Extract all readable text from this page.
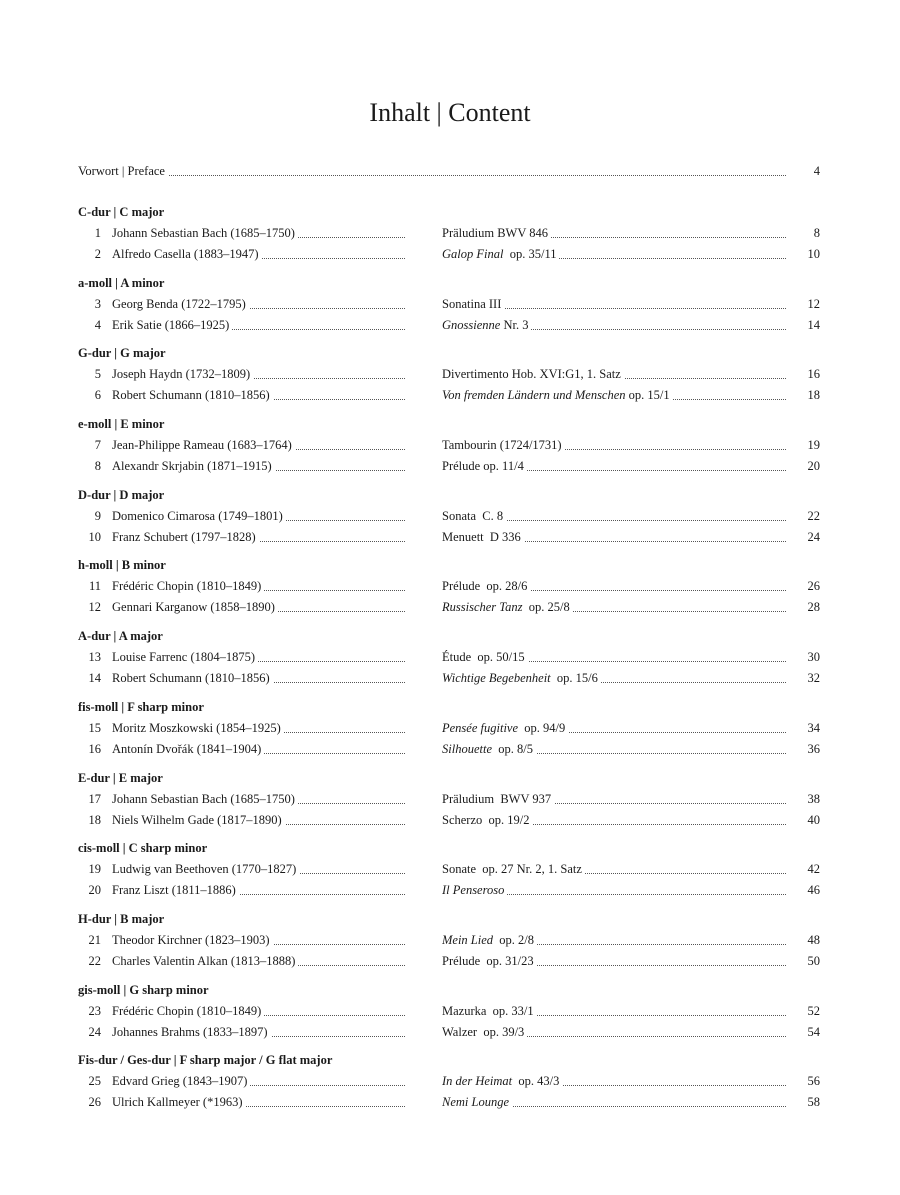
Inhalt | Content
Vorwort | Preface	4
C-dur | C major
1 Johann Sebastian Bach (1685–1750)	Präludium BWV 846	8
2 Alfredo Casella (1883–1947)	Galop Final  op. 35/11	10
a-moll | A minor
3 Georg Benda (1722–1795)	Sonatina III	12
4 Erik Satie (1866–1925)	Gnossienne Nr. 3	14
G-dur | G major
5 Joseph Haydn (1732–1809)	Divertimento Hob. XVI:G1, 1. Satz	16
6 Robert Schumann (1810–1856)	Von fremden Ländern und Menschen op. 15/1	18
e-moll | E minor
7 Jean-Philippe Rameau (1683–1764)	Tambourin (1724/1731)	19
8 Alexandr Skrjabin (1871–1915)	Prélude op. 11/4	20
D-dur | D major
9 Domenico Cimarosa (1749–1801)	Sonata  C. 8	22
10 Franz Schubert (1797–1828)	Menuett  D 336	24
h-moll | B minor
11 Frédéric Chopin (1810–1849)	Prélude  op. 28/6	26
12 Gennari Karganow (1858–1890)	Russischer Tanz  op. 25/8	28
A-dur | A major
13 Louise Farrenc (1804–1875)	Étude  op. 50/15	30
14 Robert Schumann (1810–1856)	Wichtige Begebenheit  op. 15/6	32
fis-moll | F sharp minor
15 Moritz Moszkowski (1854–1925)	Pensée fugitive  op. 94/9	34
16 Antonín Dvořák (1841–1904)	Silhouette  op. 8/5	36
E-dur | E major
17 Johann Sebastian Bach (1685–1750)	Präludium  BWV 937	38
18 Niels Wilhelm Gade (1817–1890)	Scherzo  op. 19/2	40
cis-moll | C sharp minor
19 Ludwig van Beethoven (1770–1827)	Sonate  op. 27 Nr. 2, 1. Satz	42
20 Franz Liszt (1811–1886)	Il Penseroso	46
H-dur | B major
21 Theodor Kirchner (1823–1903)	Mein Lied  op. 2/8	48
22 Charles Valentin Alkan (1813–1888)	Prélude  op. 31/23	50
gis-moll | G sharp minor
23 Frédéric Chopin (1810–1849)	Mazurka  op. 33/1	52
24 Johannes Brahms (1833–1897)	Walzer  op. 39/3	54
Fis-dur / Ges-dur | F sharp major / G flat major
25 Edvard Grieg (1843–1907)	In der Heimat  op. 43/3	56
26 Ulrich Kallmeyer (*1963)	Nemi Lounge	58
